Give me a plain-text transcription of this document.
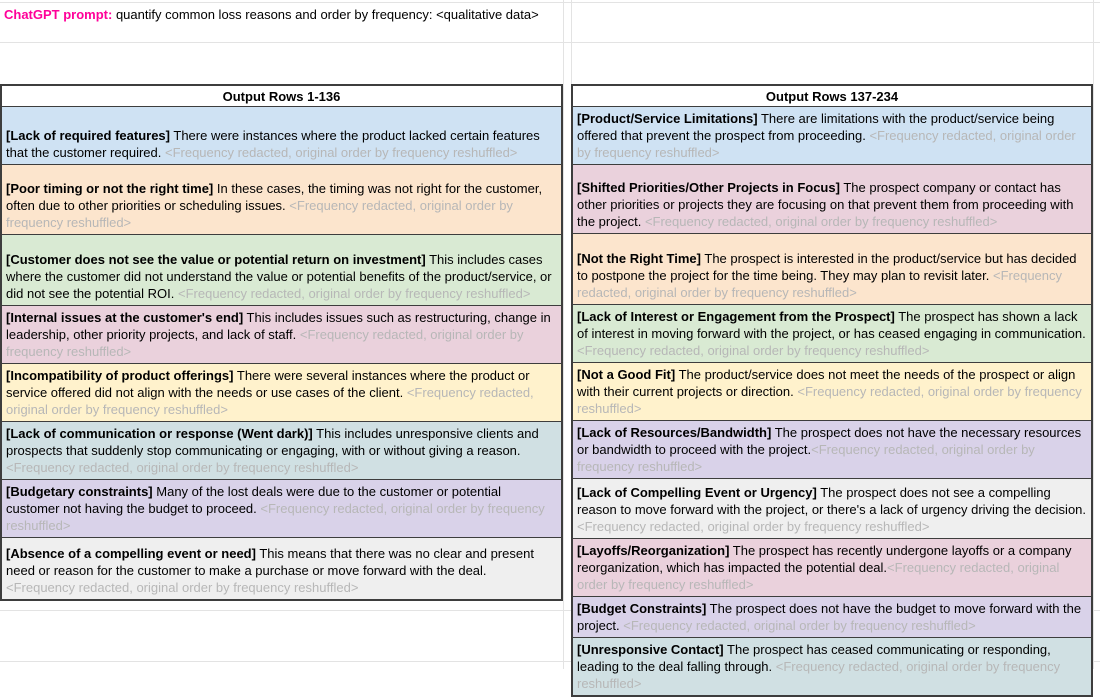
ChatGPT prompt: quantify common loss reasons and order by frequency: <qualitative data>
Output Rows 1-136
[Lack of required features] There were instances where the product lacked certain features that the customer required. <Frequency redacted, original order by frequency reshuffled>
[Poor timing or not the right time] In these cases, the timing was not right for the customer, often due to other priorities or scheduling issues. <Frequency redacted, original order by frequency reshuffled>
[Customer does not see the value or potential return on investment] This includes cases where the customer did not understand the value or potential benefits of the product/service, or did not see the potential ROI. <Frequency redacted, original order by frequency reshuffled>
[Internal issues at the customer's end] This includes issues such as restructuring, change in leadership, other priority projects, and lack of staff. <Frequency redacted, original order by frequency reshuffled>
[Incompatibility of product offerings] There were several instances where the product or service offered did not align with the needs or use cases of the client. <Frequency redacted, original order by frequency reshuffled>
[Lack of communication or response (Went dark)] This includes unresponsive clients and prospects that suddenly stop communicating or engaging, with or without giving a reason. <Frequency redacted, original order by frequency reshuffled>
[Budgetary constraints] Many of the lost deals were due to the customer or potential customer not having the budget to proceed. <Frequency redacted, original order by frequency reshuffled>
[Absence of a compelling event or need] This means that there was no clear and present need or reason for the customer to make a purchase or move forward with the deal. <Frequency redacted, original order by frequency reshuffled>
Output Rows 137-234
[Product/Service Limitations] There are limitations with the product/service being offered that prevent the prospect from proceeding. <Frequency redacted, original order by frequency reshuffled>
[Shifted Priorities/Other Projects in Focus] The prospect company or contact has other priorities or projects they are focusing on that prevent them from proceeding with the project. <Frequency redacted, original order by frequency reshuffled>
[Not the Right Time] The prospect is interested in the product/service but has decided to postpone the project for the time being. They may plan to revisit later. <Frequency redacted, original order by frequency reshuffled>
[Lack of Interest or Engagement from the Prospect] The prospect has shown a lack of interest in moving forward with the project, or has ceased engaging in communication. <Frequency redacted, original order by frequency reshuffled>
[Not a Good Fit] The product/service does not meet the needs of the prospect or align with their current projects or direction. <Frequency redacted, original order by frequency reshuffled>
[Lack of Resources/Bandwidth] The prospect does not have the necessary resources or bandwidth to proceed with the project.<Frequency redacted, original order by frequency reshuffled>
[Lack of Compelling Event or Urgency] The prospect does not see a compelling reason to move forward with the project, or there's a lack of urgency driving the decision. <Frequency redacted, original order by frequency reshuffled>
[Layoffs/Reorganization] The prospect has recently undergone layoffs or a company reorganization, which has impacted the potential deal.<Frequency redacted, original order by frequency reshuffled>
[Budget Constraints] The prospect does not have the budget to move forward with the project. <Frequency redacted, original order by frequency reshuffled>
[Unresponsive Contact] The prospect has ceased communicating or responding, leading to the deal falling through. <Frequency redacted, original order by frequency reshuffled>
